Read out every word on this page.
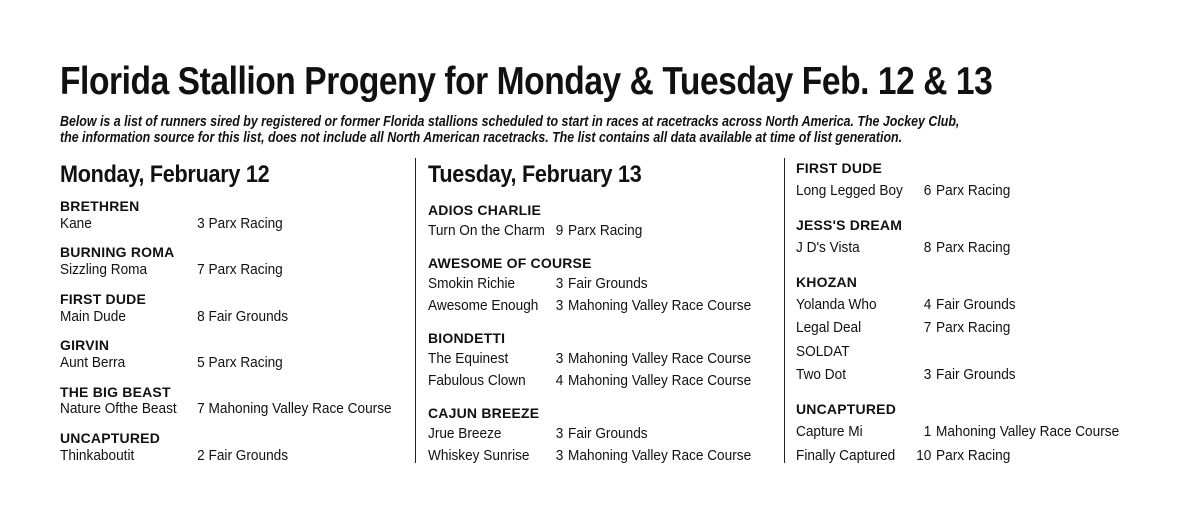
Florida Stallion Progeny for Monday & Tuesday Feb. 12 & 13
Below is a list of runners sired by registered or former Florida stallions scheduled to start in races at racetracks across North America. The Jockey Club,
the information source for this list, does not include all North American racetracks. The list contains all data available at time of list generation.
Monday, February 12
BRETHREN
Kane	3 Parx Racing
BURNING ROMA
Sizzling Roma	7 Parx Racing
FIRST DUDE
Main Dude	8 Fair Grounds
GIRVIN
Aunt Berra	5 Parx Racing
THE BIG BEAST
Nature Ofthe Beast	7 Mahoning Valley Race Course
UNCAPTURED
Thinkaboutit	2 Fair Grounds
Tuesday, February 13
ADIOS CHARLIE
Turn On the Charm 9 Parx Racing
AWESOME OF COURSE
Smokin Richie	3 Fair Grounds
Awesome Enough	3 Mahoning Valley Race Course
BIONDETTI
The Equinest	3 Mahoning Valley Race Course
Fabulous Clown	4 Mahoning Valley Race Course
CAJUN BREEZE
Jrue Breeze	3 Fair Grounds
Whiskey Sunrise	3 Mahoning Valley Race Course
FIRST DUDE
Long Legged Boy	6 Parx Racing
JESS'S DREAM
J D's Vista	8 Parx Racing
KHOZAN
Yolanda Who	4 Fair Grounds
Legal Deal	7 Parx Racing
SOLDAT
Two Dot	3 Fair Grounds
UNCAPTURED
Capture Mi	1 Mahoning Valley Race Course
Finally Captured	10 Parx Racing
